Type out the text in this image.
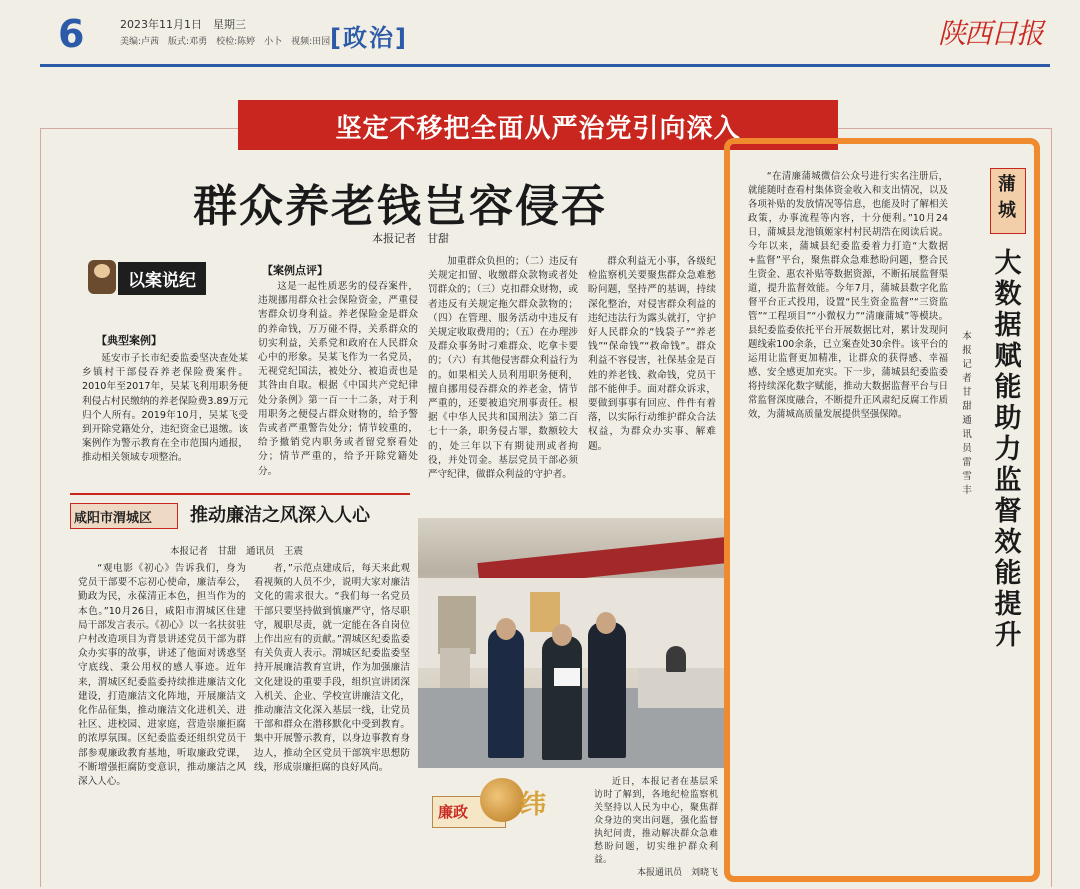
6	2023年11月1日　星期三
美编:卢茜　版式:邓勇　校检:陈婷　小卜　视频:田园 [政治]	陕西日报
坚定不移把全面从严治党引向深入
群众养老钱岂容侵吞
本报记者　甘甜
以案说纪
【典型案例】
【案例点评】

延安市子长市纪委监委坚决查处某乡镇村干部侵吞养老保险费案件。2010年至2017年，吴某飞利用职务便利侵占村民缴纳的养老保险费3.89万元归个人所有。2019年10月，吴某飞受到开除党籍处分，违纪资金已退缴。该案例作为警示教育在全市范围内通报，推动相关领域专项整治。

这是一起性质恶劣的侵吞案件，违规挪用群众社会保险资金，严重侵害群众切身利益。养老保险金是群众的养命钱，万万碰不得，关系群众的切实利益，关系党和政府在人民群众心中的形象。吴某飞作为一名党员，无视党纪国法，被处分、被追责也是其咎由自取。根据《中国共产党纪律处分条例》第一百一十二条，对于利用职务之便侵占群众财物的，给予警告或者严重警告处分；情节较重的，给予撤销党内职务或者留党察看处分；情节严重的，给予开除党籍处分。

加重群众负担的；（二）违反有关规定扣留、收缴群众款物或者处罚群众的；（三）克扣群众财物，或者违反有关规定拖欠群众款物的；（四）在管理、服务活动中违反有关规定收取费用的；（五）在办理涉及群众事务时刁难群众、吃拿卡要的；（六）有其他侵害群众利益行为的。如果相关人员利用职务便利，擅自挪用侵吞群众的养老金，情节严重的，还要被追究刑事责任。根据《中华人民共和国刑法》第二百七十一条，职务侵占罪，数额较大的，处三年以下有期徒刑或者拘役，并处罚金。基层党员干部必须严守纪律，做群众利益的守护者。

群众利益无小事，各级纪检监察机关要聚焦群众急难愁盼问题，坚持严的基调，持续深化整治，对侵害群众利益的违纪违法行为露头就打，守护好人民群众的“钱袋子”“养老钱”“保命钱”“救命钱”。群众利益不容侵害，社保基金是百姓的养老钱、救命钱，党员干部不能伸手。面对群众诉求，要做到事事有回应、件件有着落，以实际行动维护群众合法权益，为群众办实事、解难题。

咸阳市渭城区 推动廉洁之风深入人心
本报记者　甘甜　通讯员　王震

“观电影《初心》告诉我们，身为党员干部要不忘初心使命，廉洁奉公，勤政为民，永葆清正本色，担当作为的本色。”10月26日，咸阳市渭城区住建局干部发言表示。《初心》以一名扶贫驻户村改造项目为背景讲述党员干部为群众办实事的故事，讲述了他面对诱惑坚守底线、秉公用权的感人事迹。近年来，渭城区纪委监委持续推进廉洁文化建设，打造廉洁文化阵地，开展廉洁文化作品征集，推动廉洁文化进机关、进社区、进校园、进家庭，营造崇廉拒腐的浓厚氛围。区纪委监委还组织党员干部参观廉政教育基地，听取廉政党课，不断增强拒腐防变意识，推动廉洁之风深入人心。

者，”示范点建成后，每天来此观看视频的人员不少，说明大家对廉洁文化的需求很大。“我们每一名党员干部只要坚持做到慎廉严守，恪尽职守，履职尽责，就一定能在各自岗位上作出应有的贡献。”渭城区纪委监委有关负责人表示。渭城区纪委监委坚持开展廉洁教育宣讲，作为加强廉洁文化建设的重要手段，组织宣讲团深入机关、企业、学校宣讲廉洁文化，推动廉洁文化深入基层一线，让党员干部和群众在潜移默化中受到教育。集中开展警示教育，以身边事教育身边人，推动全区党员干部筑牢思想防线，形成崇廉拒腐的良好风尚。

廉政 纬

近日，本报记者在基层采访时了解到，各地纪检监察机关坚持以人民为中心，聚焦群众身边的突出问题，强化监督执纪问责，推动解决群众急难愁盼问题，切实维护群众利益。

本报通讯员　刘晓飞
蒲城
大数据赋能　助力监督效能提升
本报记者　甘甜　通讯员　雷雪丰

“在清廉蒲城微信公众号进行实名注册后，就能随时查看村集体资金收入和支出情况，以及各项补贴的发放情况等信息，也能及时了解相关政策，办事流程等内容，十分便利。”10月24日，蒲城县龙池镇姬家村村民胡浩在阅读后说。今年以来，蒲城县纪委监委着力打造“大数据+监督”平台，聚焦群众急难愁盼问题，整合民生资金、惠农补贴等数据资源，不断拓展监督渠道，提升监督效能。今年7月，蒲城县数字化监督平台正式投用，设置“民生资金监督”“三资监管”“工程项目”“小微权力”“清廉蒲城”等模块。县纪委监委依托平台开展数据比对，累计发现问题线索100余条，已立案查处30余件。该平台的运用让监督更加精准，让群众的获得感、幸福感、安全感更加充实。下一步，蒲城县纪委监委将持续深化数字赋能，推动大数据监督平台与日常监督深度融合，不断提升正风肃纪反腐工作质效，为蒲城高质量发展提供坚强保障。
